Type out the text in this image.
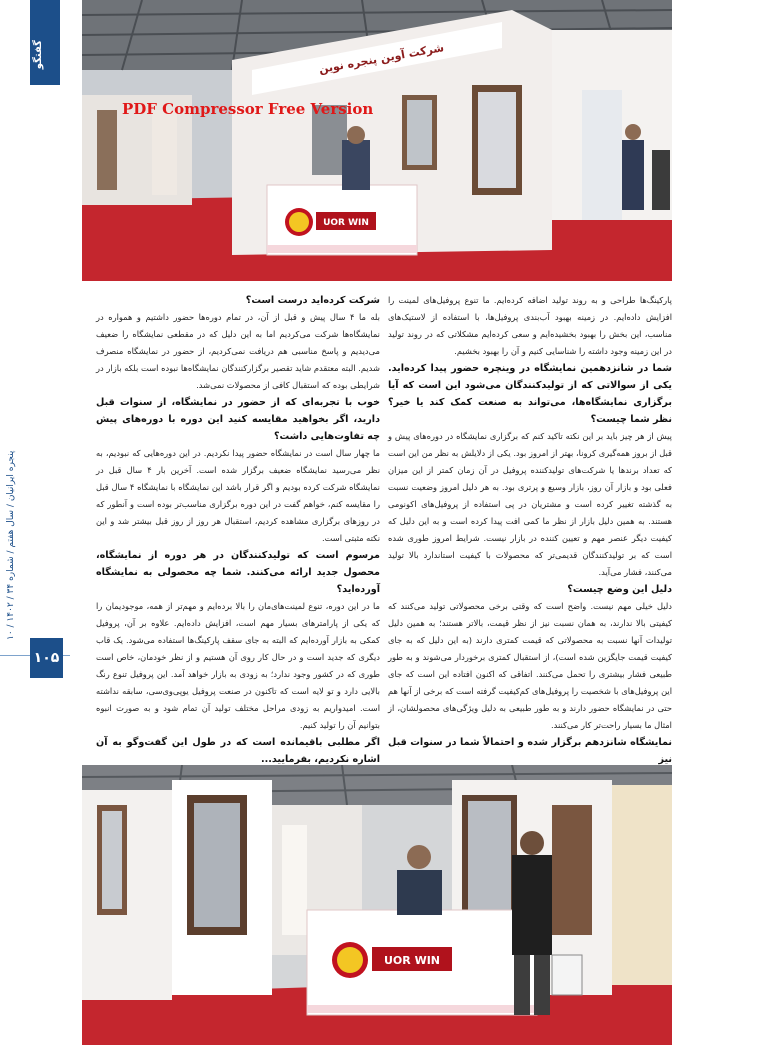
گفتگو
پنجره ایرانیان / سال هفتم / شماره ۳۴ / ۱۴۰۲ / ۱۰
۱۰۵
شرکت آوین پنجره نوین
UOR WIN
PDF Compressor Free Version

پارکینگ‌ها طراحی و به روند تولید اضافه کرده‌ایم. ما تنوع پروفیل‌های لمینت را افزایش داده‌ایم. در زمینه بهبود آب‌بندی پروفیل‌ها، با استفاده از لاستیک‌های مناسب، این بخش را بهبود بخشیده‌ایم و سعی کرده‌ایم مشکلاتی که در روند تولید در این زمینه وجود داشته را شناسایی کنیم و آن را بهبود بخشیم.

شما در شانزدهمین نمایشگاه در وینچره حضور پیدا کرده‌اید. یکی از سوالاتی که از تولیدکنندگان می‌شود این است که آیا برگزاری نمایشگاه‌ها، می‌تواند به صنعت کمک کند یا خیر؟ نظر شما چیست؟

پیش از هر چیز باید بر این نکته تاکید کنم که برگزاری نمایشگاه در دوره‌های پیش و قبل از بروز همه‌گیری کرونا، بهتر از امروز بود. یکی از دلایلش به نظر من این است که تعداد برندها یا شرکت‌های تولیدکننده پروفیل در آن زمان کمتر از این میزان فعلی بود و بازار آن روز، بازار وسیع و پرتری بود. به هر دلیل امروز وضعیت نسبت به گذشته تغییر کرده است و مشتریان در پی استفاده از پروفیل‌های اکونومی هستند. به همین دلیل بازار از نظر ما کمی افت پیدا کرده است و به این دلیل که کیفیت دیگر عنصر مهم و تعیین کننده در بازار نیست. شرایط امروز طوری شده است که بر تولیدکنندگان قدیمی‌تر که محصولات با کیفیت استاندارد بالا تولید می‌کنند، فشار می‌آید.

دلیل این وضع چیست؟

دلیل خیلی مهم نیست. واضح است که وقتی برخی محصولاتی تولید می‌کنند که کیفیتی بالا ندارند، به همان نسبت نیز از نظر قیمت، بالاتر هستند؛ به همین دلیل تولیدات آنها نسبت به محصولاتی که قیمت کمتری دارند (به این دلیل که به جای کیفیت قیمت جایگزین شده است)، از استقبال کمتری برخوردار می‌شوند و به طور طبیعی فشار بیشتری را تحمل می‌کنند. اتفاقی که اکنون افتاده این است که جای این پروفیل‌های با شخصیت را پروفیل‌های کم‌کیفیت گرفته است که برخی از آنها هم حتی در نمایشگاه حضور دارند و به طور طبیعی به دلیل ویژگی‌های محصولشان، از امثال ما بسیار راحت‌تر کار می‌کنند.

نمایشگاه شانزدهم برگزار شده و احتمالاً شما در سنوات قبل نیز

شرکت کرده‌اید درست است؟

بله ما ۴ سال پیش و قبل از آن، در تمام دوره‌ها حضور داشتیم و همواره در نمایشگاه‌ها شرکت می‌کردیم اما به این دلیل که در مقطعی نمایشگاه را ضعیف می‌دیدیم و پاسخ مناسبی هم دریافت نمی‌کردیم، از حضور در نمایشگاه منصرف شدیم. البته معتقدم شاید تقصیر برگزارکنندگان نمایشگاه‌ها نبوده است بلکه بازار در شرایطی بوده که استقبال کافی از محصولات نمی‌شد.

خوب با تجربه‌ای که از حضور در نمایشگاه، از سنوات قبل دارید، اگر بخواهید مقایسه کنید این دوره با دوره‌های پیش چه تفاوت‌هایی داشت؟

ما چهار سال است در نمایشگاه حضور پیدا نکردیم. در این دوره‌هایی که نبودیم، به نظر می‌رسید نمایشگاه ضعیف برگزار شده است. آخرین بار ۴ سال قبل در نمایشگاه شرکت کرده بودیم و اگر قرار باشد این نمایشگاه با نمایشگاه ۴ سال قبل را مقایسه کنم، خواهم گفت در این دوره برگزاری مناسب‌تر بوده است و آنطور که در روزهای برگزاری مشاهده کردیم، استقبال هر روز از روز قبل بیشتر شد و این نکته مثبتی است.

مرسوم است که تولیدکنندگان در هر دوره از نمایشگاه، محصول جدید ارائه می‌کنند. شما چه محصولی به نمایشگاه آورده‌اید؟

ما در این دوره، تنوع لمینت‌های‌مان را بالا برده‌ایم و مهم‌تر از همه، موجودیمان را که یکی از پارامترهای بسیار مهم است، افزایش داده‌ایم. علاوه بر آن، پروفیل کمکی به بازار آورده‌ایم که البته به جای سقف پارکینگ‌ها استفاده می‌شود. یک قاب دیگری که جدید است و در حال کار روی آن هستیم و از نظر خودمان، خاص است طوری که در کشور وجود ندارد؛ به زودی به بازار خواهد آمد. این پروفیل تنوع رنگ بالایی دارد و تو لایه است که تاکنون در صنعت پروفیل یوپی‌وی‌سی، سابقه نداشته است. امیدواریم به زودی مراحل مختلف تولید آن تمام شود و به صورت انبوه بتوانیم آن را تولید کنیم.

اگر مطلبی باقیمانده است که در طول این گفت‌وگو به آن اشاره نکردیم، بفرمایید...

UOR WIN
